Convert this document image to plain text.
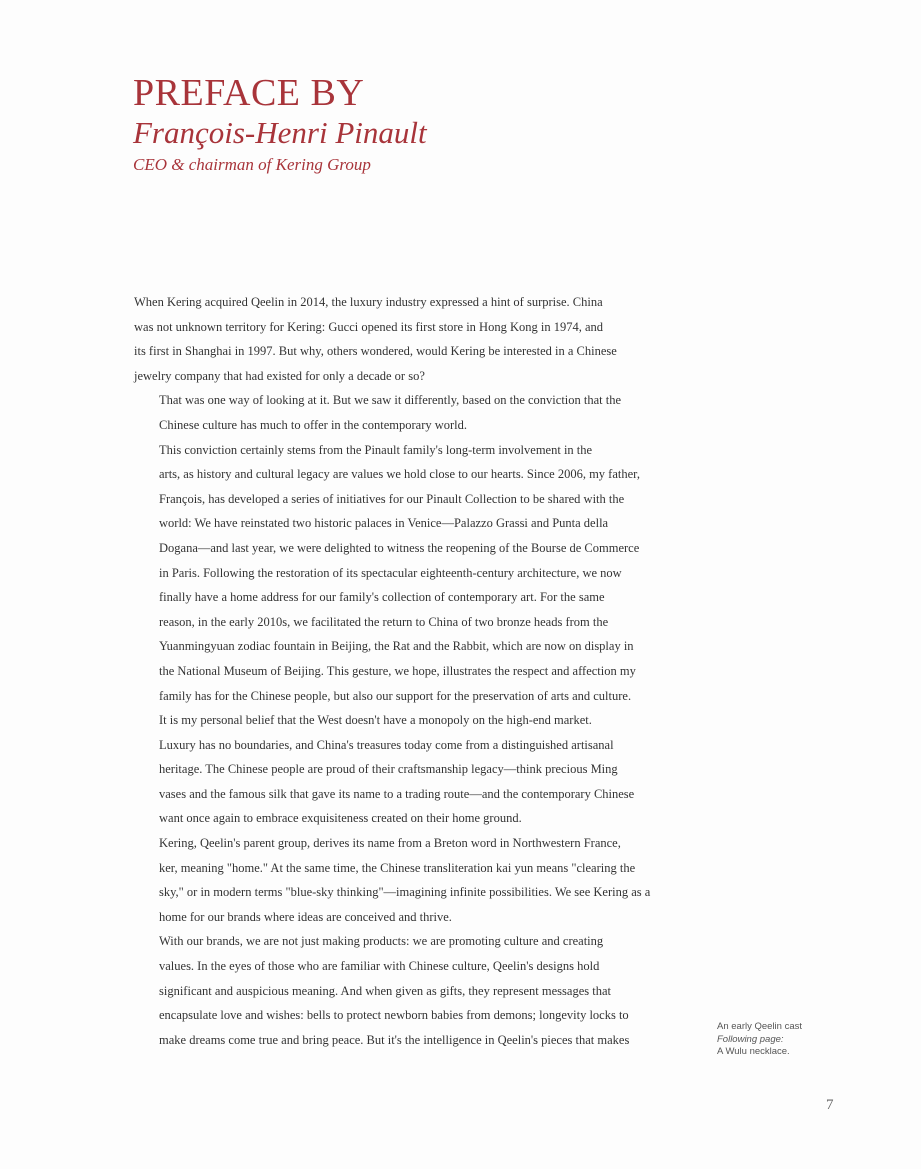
PREFACE BY
François-Henri Pinault
CEO & chairman of Kering Group

When Kering acquired Qeelin in 2014, the luxury industry expressed a hint of surprise. China
was not unknown territory for Kering: Gucci opened its first store in Hong Kong in 1974, and
its first in Shanghai in 1997. But why, others wondered, would Kering be interested in a Chinese
jewelry company that had existed for only a decade or so?

That was one way of looking at it. But we saw it differently, based on the conviction that the
Chinese culture has much to offer in the contemporary world.

This conviction certainly stems from the Pinault family's long-term involvement in the
arts, as history and cultural legacy are values we hold close to our hearts. Since 2006, my father,
François, has developed a series of initiatives for our Pinault Collection to be shared with the
world: We have reinstated two historic palaces in Venice—Palazzo Grassi and Punta della
Dogana—and last year, we were delighted to witness the reopening of the Bourse de Commerce
in Paris. Following the restoration of its spectacular eighteenth-century architecture, we now
finally have a home address for our family's collection of contemporary art. For the same
reason, in the early 2010s, we facilitated the return to China of two bronze heads from the
Yuanmingyuan zodiac fountain in Beijing, the Rat and the Rabbit, which are now on display in
the National Museum of Beijing. This gesture, we hope, illustrates the respect and affection my
family has for the Chinese people, but also our support for the preservation of arts and culture.

It is my personal belief that the West doesn't have a monopoly on the high-end market.
Luxury has no boundaries, and China's treasures today come from a distinguished artisanal
heritage. The Chinese people are proud of their craftsmanship legacy—think precious Ming
vases and the famous silk that gave its name to a trading route—and the contemporary Chinese
want once again to embrace exquisiteness created on their home ground.

Kering, Qeelin's parent group, derives its name from a Breton word in Northwestern France,
ker, meaning "home." At the same time, the Chinese transliteration kai yun means "clearing the
sky," or in modern terms "blue-sky thinking"—imagining infinite possibilities. We see Kering as a
home for our brands where ideas are conceived and thrive.

With our brands, we are not just making products: we are promoting culture and creating
values. In the eyes of those who are familiar with Chinese culture, Qeelin's designs hold
significant and auspicious meaning. And when given as gifts, they represent messages that
encapsulate love and wishes: bells to protect newborn babies from demons; longevity locks to
make dreams come true and bring peace. But it's the intelligence in Qeelin's pieces that makes

An early Qeelin cast
Following page:
A Wulu necklace.
7
